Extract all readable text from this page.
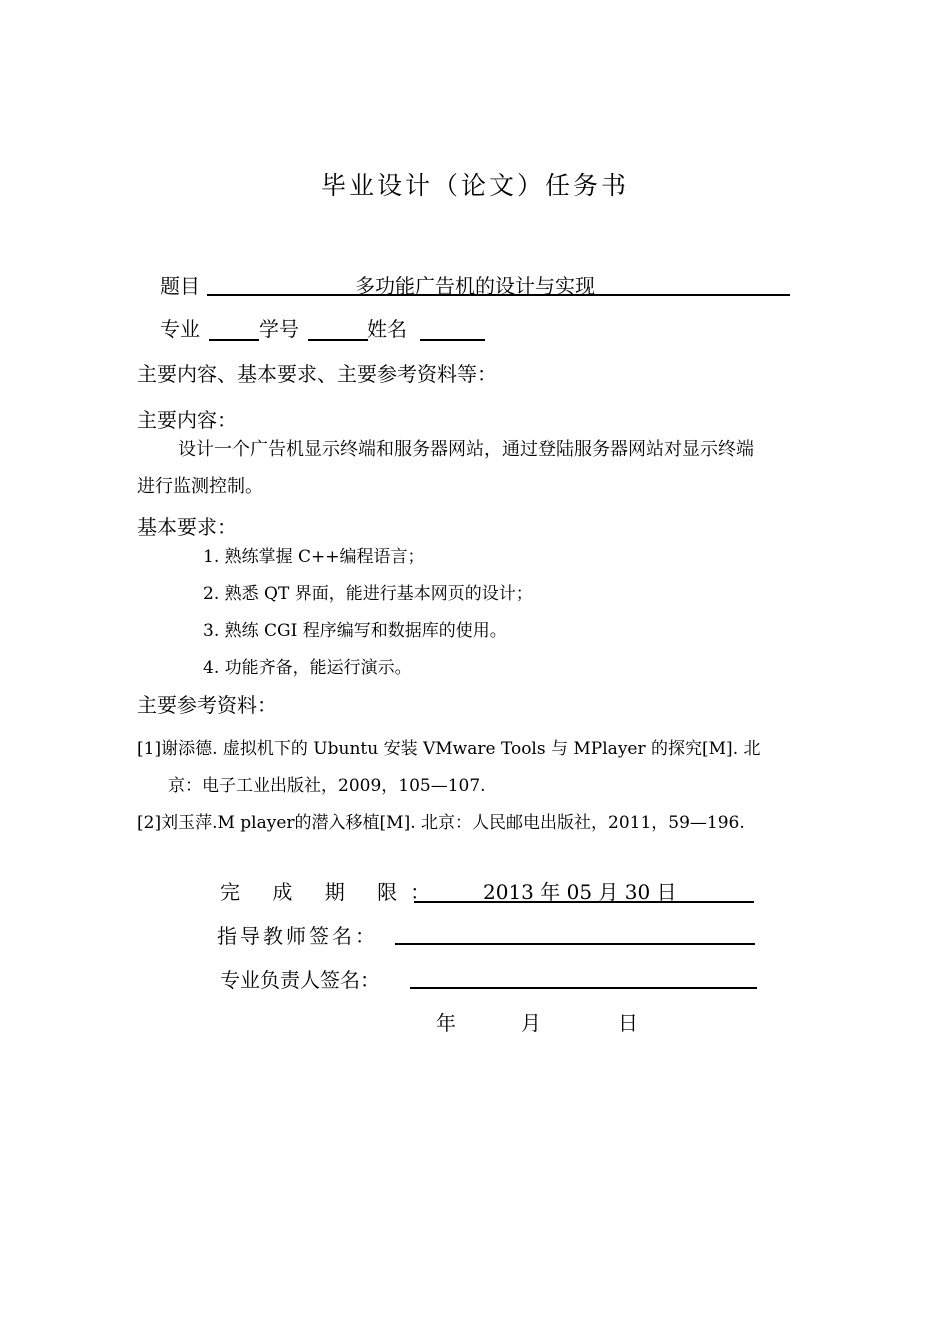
毕业设计（论文）任务书
题目	多功能广告机的设计与实现
专业	学号	姓名
主要内容、基本要求、主要参考资料等：
主要内容：
设计一个广告机显示终端和服务器网站，通过登陆服务器网站对显示终端
进行监测控制。
基本要求：
1. 熟练掌握 C++编程语言；
2. 熟悉 QT 界面，能进行基本网页的设计；
3. 熟练 CGI 程序编写和数据库的使用。
4. 功能齐备，能运行演示。
主要参考资料：
[1]谢添德. 虚拟机下的 Ubuntu 安装 VMware Tools 与 MPlayer 的探究[M]. 北
京：电子工业出版社，2009，105—107.
[2]刘玉萍.M player的潜入移植[M]. 北京：人民邮电出版社，2011，59—196.
完 成 期 限： 2013 年 05 月 30 日
指导教师签名：
专业负责人签名：
年	月	日
